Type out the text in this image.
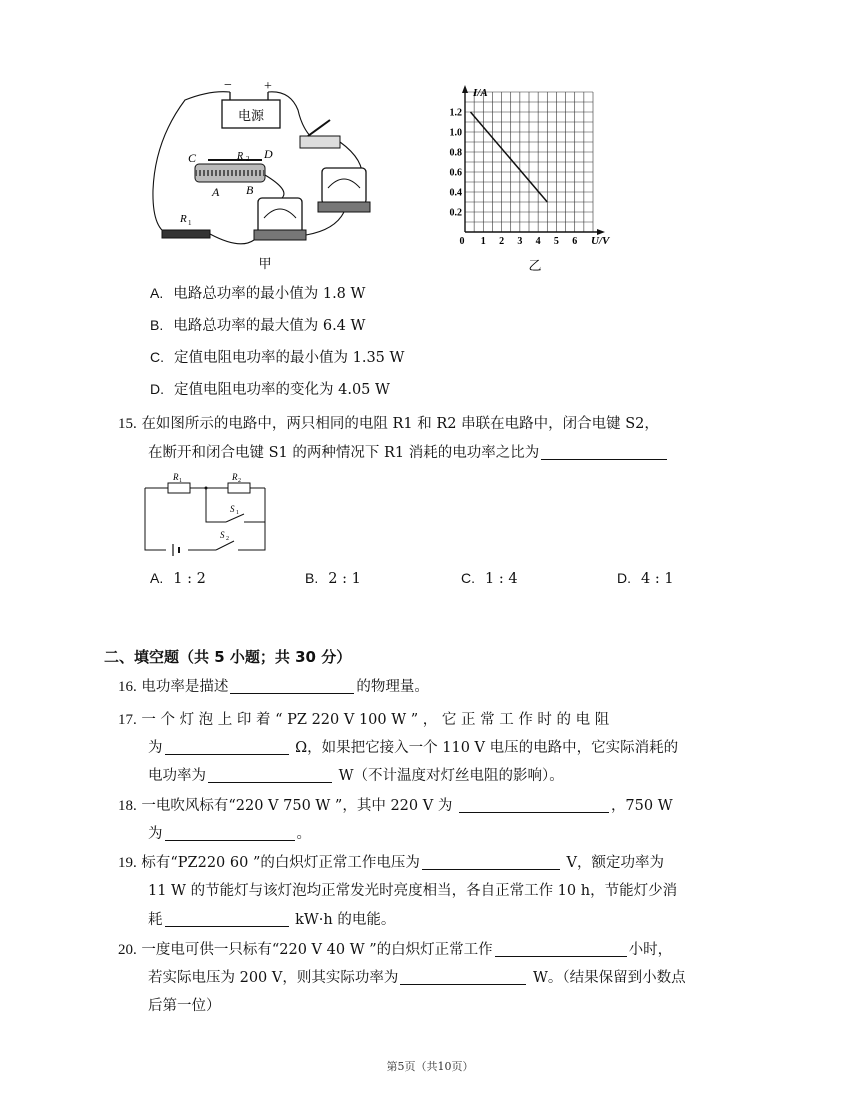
电源
− +
C	D
R 2
A B
R 1
甲
I/A
U/V
0 1 2 3 4 5 6
0.2
0.4
0.6
0.8
1.0
1.2
乙
A. 电路总功率的最小值为 1.8 W
B. 电路总功率的最大值为 6.4 W
C. 定值电阻电功率的最小值为 1.35 W
D. 定值电阻电功率的变化为 4.05 W
15. 在如图所示的电路中，两只相同的电阻 R1 和 R2 串联在电路中，闭合电键 S2，
在断开和闭合电键 S1 的两种情况下 R1 消耗的电功率之比为
R 1	R 2
S 1
S 2
A. 1 : 2	B. 2 : 1	C. 1 : 4	D. 4 : 1
二、填空题（共 5 小题；共 30 分）
16. 电功率是描述	的物理量。
17. 一 个 灯 泡 上 印 着 “ PZ 220 V 100 W ” ， 它 正 常 工 作 时 的 电 阻
为	Ω，如果把它接入一个 110 V 电压的电路中，它实际消耗的
电功率为	W（不计温度对灯丝电阻的影响）。
18. 一电吹风标有“220 V 750 W ”，其中 220 V 为	，750 W
为	。
19. 标有“PZ220 60 ”的白炽灯正常工作电压为	V，额定功率为
11 W 的节能灯与该灯泡均正常发光时亮度相当，各自正常工作 10 h，节能灯少消
耗	kW·h 的电能。
20. 一度电可供一只标有“220 V 40 W ”的白炽灯正常工作	小时，
若实际电压为 200 V，则其实际功率为	W。（结果保留到小数点
后第一位）
第5页（共10页）
